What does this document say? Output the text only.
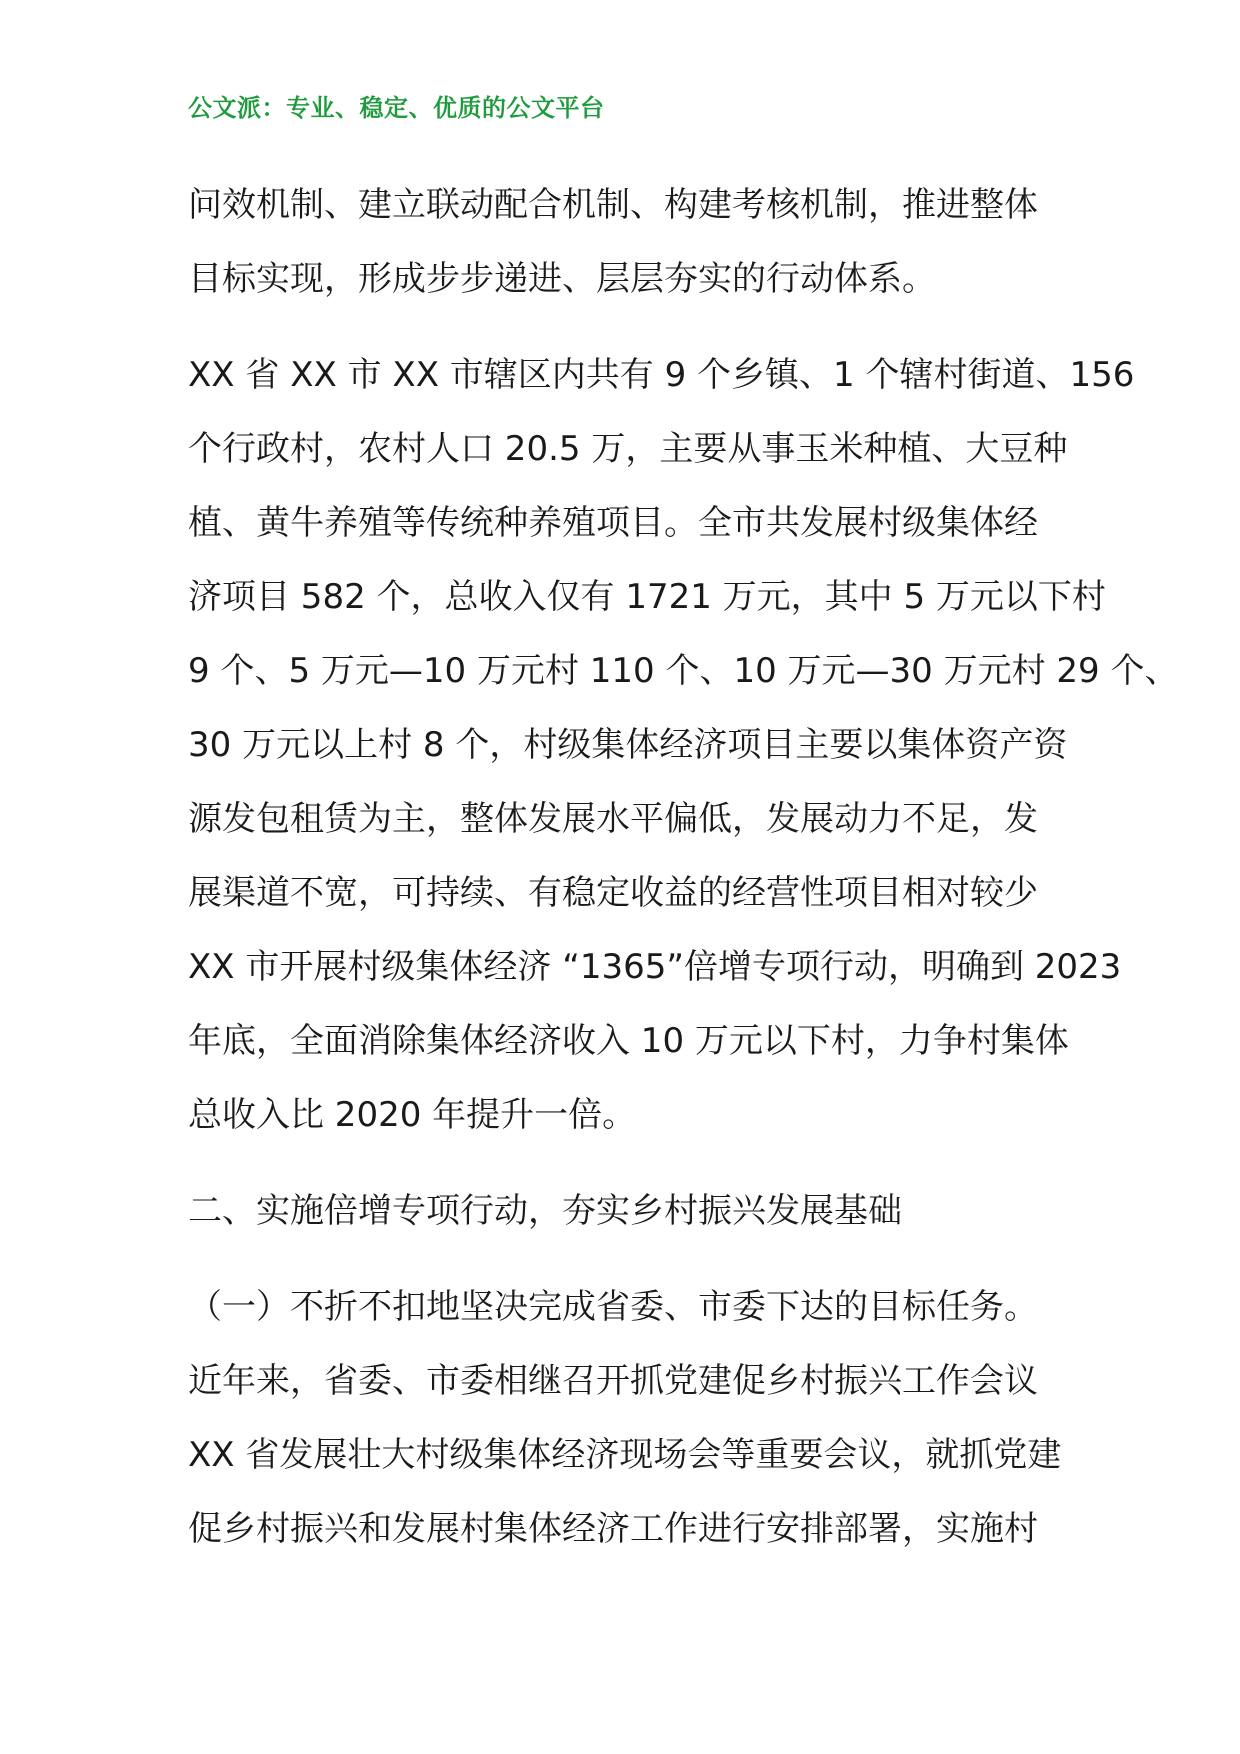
公文派：专业、稳定、优质的公文平台
问效机制、建立联动配合机制、构建考核机制，推进整体
目标实现，形成步步递进、层层夯实的行动体系。
XX 省 XX 市 XX 市辖区内共有 9 个乡镇、1 个辖村街道、156
个行政村，农村人口 20.5 万，主要从事玉米种植、大豆种
植、黄牛养殖等传统种养殖项目。全市共发展村级集体经
济项目 582 个，总收入仅有 1721 万元，其中 5 万元以下村
9 个、5 万元—10 万元村 110 个、10 万元—30 万元村 29 个、
30 万元以上村 8 个，村级集体经济项目主要以集体资产资
源发包租赁为主，整体发展水平偏低，发展动力不足，发
展渠道不宽，可持续、有稳定收益的经营性项目相对较少
XX 市开展村级集体经济 “1365”倍增专项行动，明确到 2023
年底，全面消除集体经济收入 10 万元以下村，力争村集体
总收入比 2020 年提升一倍。
二、实施倍增专项行动，夯实乡村振兴发展基础
（一）不折不扣地坚决完成省委、市委下达的目标任务。
近年来，省委、市委相继召开抓党建促乡村振兴工作会议
XX 省发展壮大村级集体经济现场会等重要会议，就抓党建
促乡村振兴和发展村集体经济工作进行安排部署，实施村
